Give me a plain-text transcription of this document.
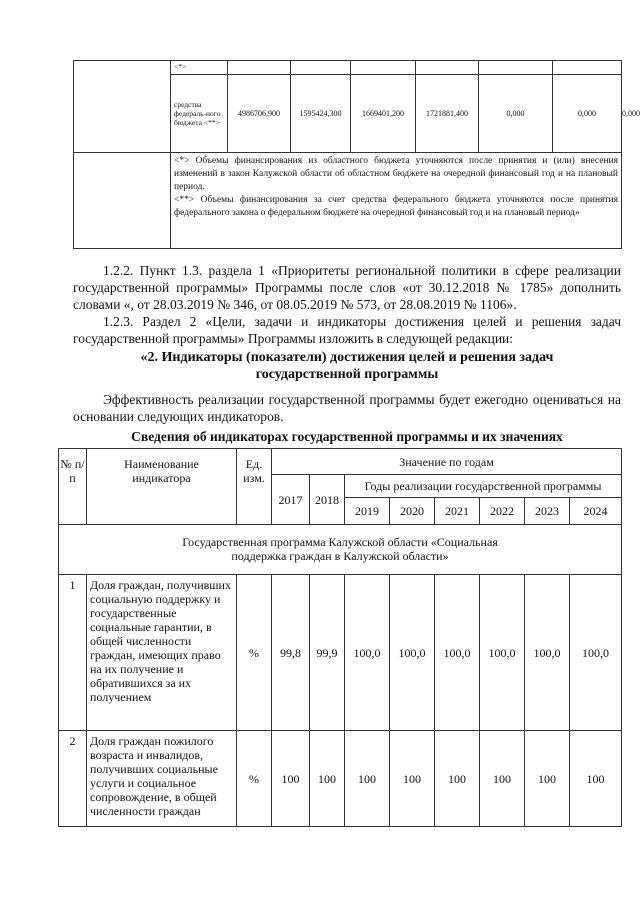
	<*>							
	средства федераль-ного бюджета <**>	4986706,900	1595424,300	1669401,200	1721881,400	0,000	0,000	0,000

	<*> Объемы финансирования из областного бюджета уточняются после принятия и (или) внесения изменений в закон Калужской области об областном бюджете на очередной финансовый год и на плановый период.
<**> Объемы финансирования за счет средства федерального бюджета уточняются после принятия федерального закона о федеральном бюджете на очередной финансовый год и на плановый период»							
1.2.2. Пункт 1.3. раздела 1 «Приоритеты региональной политики в сфере реализации государственной программы» Программы после слов «от 30.12.2018 № 1785» дополнить словами «, от 28.03.2019 № 346, от 08.05.2019 № 573, от 28.08.2019 № 1106».
1.2.3. Раздел 2 «Цели, задачи и индикаторы достижения целей и решения задач государственной программы» Программы изложить в следующей редакции:
«2. Индикаторы (показатели) достижения целей и решения задач
государственной программы
Эффективность реализации государственной программы будет ежегодно оцениваться на основании следующих индикаторов.
Сведения об индикаторах государственной программы и их значениях
№ п/п	Наименование индикатора	Ед. изм.	Значение по годам							
			2017	2018	Годы реализации государственной программы					
					2019	2020	2021	2022	2023	2024
Государственная программа Калужской области «Социальная поддержка граждан в Калужской области»										
1	Доля граждан, получивших социальную поддержку и государственные социальные гарантии, в общей численности граждан, имеющих право на их получение и обратившихся за их получением	%	99,8	99,9	100,0	100,0	100,0	100,0	100,0	100,0
2	Доля граждан пожилого возраста и инвалидов, получивших социальные услуги и социальное сопровождение, в общей численности граждан	%	100	100	100	100	100	100	100	100
